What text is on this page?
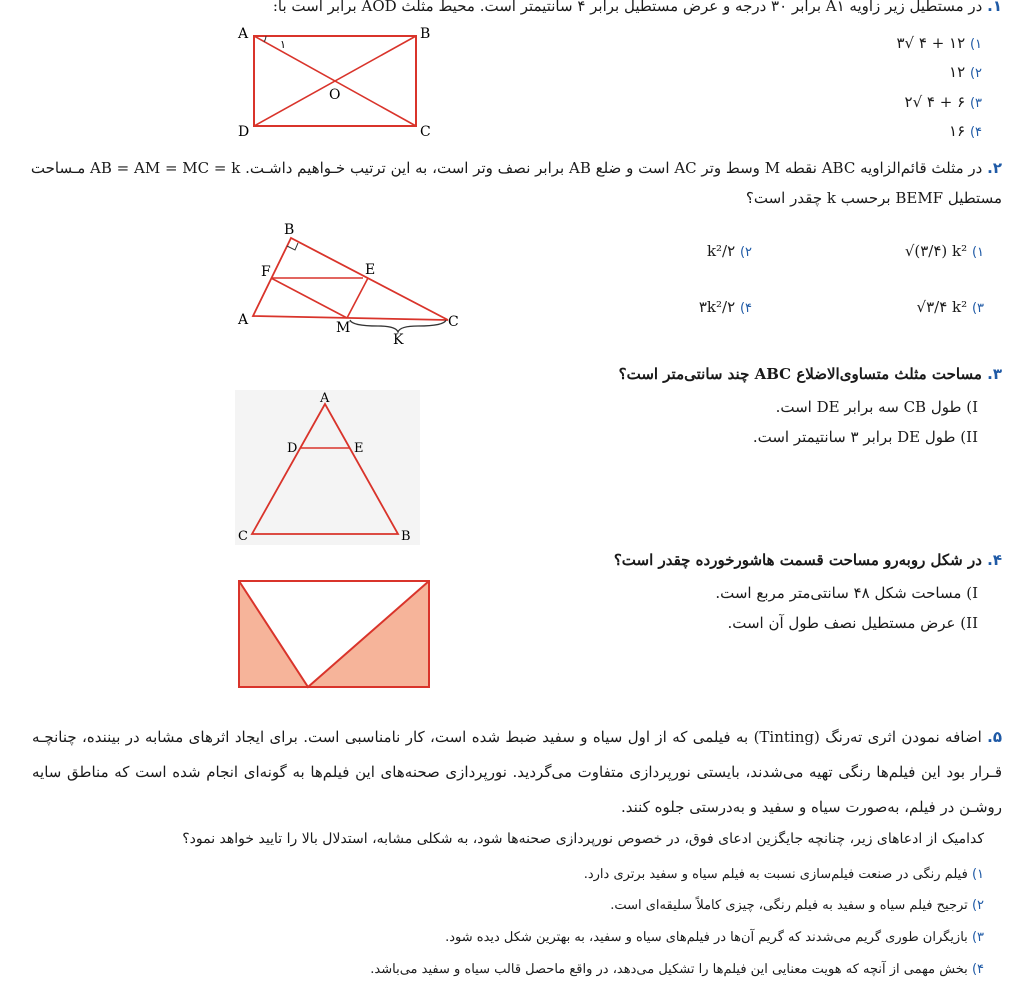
۱. در مستطیل زیر زاویه A۱ برابر ۳۰ درجه و عرض مستطیل برابر ۴ سانتیمتر است. محیط مثلث AOD برابر است با:
A	B
C
D
O
۱	۱) ۱۲ + ۴ √۳
۲) ۱۲
۳) ۶ + ۴ √۲
۴) ۱۶
۲. در مثلث قائم‌الزاویه ABC نقطه M وسط وتر AC است و ضلع AB برابر نصف وتر است، به این ترتیب خـواهیم داشـت. AB = AM = MC = k مـساحت
مستطیل BEMF برحسب k چقدر است؟
B
F	E
A	M	C
K
۱) √(۳/۴) k²
۲) k²/۲
۳) √۳/۴ k²
۴) ۳k²/۲
۳. مساحت مثلث متساوی‌الاضلاع ABC چند سانتی‌متر است؟
I) طول CB سه برابر DE است.
II) طول DE برابر ۳ سانتیمتر است.
A
D	E
C	B
۴. در شکل روبه‌رو مساحت قسمت هاشورخورده چقدر است؟
I) مساحت شکل ۴۸ سانتی‌متر مربع است.
II) عرض مستطیل نصف طول آن است.
۵. اضافه نمودن اثری تەرنگ (Tinting) به فیلمی که از اول سیاه و سفید ضبط شده است، کار نامناسبی است. برای ایجاد اثرهای مشابه در بیننده، چنانچـه قـرار بود این فیلم‌ها رنگی تهیه می‌شدند، بایستی نورپردازی متفاوت می‌گردید. نورپردازی صحنه‌های این فیلم‌ها به گونه‌ای انجام شده است که مناطق سایه روشـن در فیلم، به‌صورت سیاه و سفید و به‌درستی جلوه کنند.
کدامیک از ادعاهای زیر، چنانچه جایگزین ادعای فوق، در خصوص نورپردازی صحنه‌ها شود، به شکلی مشابه، استدلال بالا را تایید خواهد نمود؟
۱) فیلم رنگی در صنعت فیلم‌سازی نسبت به فیلم سیاه و سفید برتری دارد.
۲) ترجیح فیلم سیاه و سفید به فیلم رنگی، چیزی کاملاً سلیقه‌ای است.
۳) بازیگران طوری گریم می‌شدند که گریم آن‌ها در فیلم‌های سیاه و سفید، به بهترین شکل دیده شود.
۴) بخش مهمی از آنچه که هویت معنایی این فیلم‌ها را تشکیل می‌دهد، در واقع ماحصل قالب سیاه و سفید می‌باشد.
